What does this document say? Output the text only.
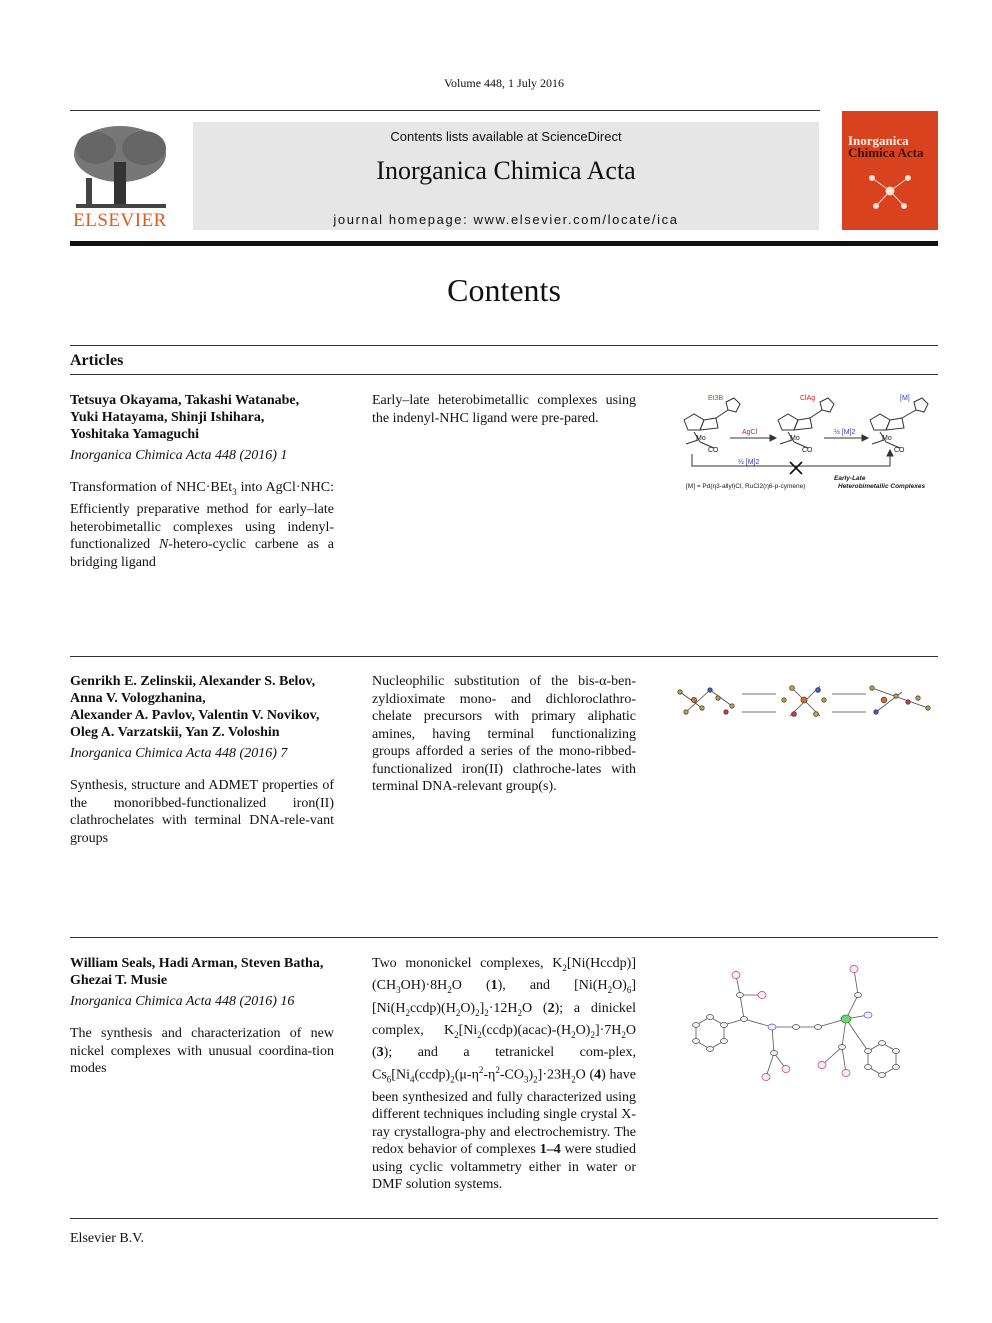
Volume 448, 1 July 2016
ELSEVIER
Contents lists available at ScienceDirect
Inorganica Chimica Acta
journal homepage: www.elsevier.com/locate/ica
Inorganica
Chimica Acta
Contents
Articles
Tetsuya Okayama, Takashi Watanabe,
Yuki Hatayama, Shinji Ishihara,
Yoshitaka Yamaguchi
Inorganica Chimica Acta 448 (2016) 1
Transformation of NHC·BEt$_3$ into AgCl·NHC: Efficiently preparative method for early–late heterobimetallic complexes using indenyl-functionalized N-hetero-cyclic carbene as a bridging ligand
Early–late heterobimetallic complexes using the indenyl-NHC ligand were pre-pared.
Et3B	ClAg	[M]
AgCl	½ [M]2
½ [M]2
Mo	Mo	Mo
CO	CO	CO
[M] = Pd(η3-allyl)Cl, RuCl2(η6-p-cymene)
Early-Late
Heterobimetallic Complexes
Genrikh E. Zelinskii, Alexander S. Belov,
Anna V. Vologzhanina,
Alexander A. Pavlov, Valentin V. Novikov,
Oleg A. Varzatskii, Yan Z. Voloshin
Inorganica Chimica Acta 448 (2016) 7
Synthesis, structure and ADMET properties of the monoribbed-functionalized iron(II) clathrochelates with terminal DNA-rele-vant groups
Nucleophilic substitution of the bis-α-ben-zyldioximate mono- and dichloroclathro-chelate precursors with primary aliphatic amines, having terminal functionalizing groups afforded a series of the mono-ribbed-functionalized iron(II) clathroche-lates with terminal DNA-relevant group(s).
William Seals, Hadi Arman, Steven Batha,
Ghezai T. Musie
Inorganica Chimica Acta 448 (2016) 16
The synthesis and characterization of new nickel complexes with unusual coordina-tion modes
Two mononickel complexes, $K_2[Ni(Hccdp)](CH_3OH)\cdot 8H_2O$ (1), and $[Ni(H_2O)_6][Ni(H_2ccdp)(H_2O)_2]_2\cdot 12H_2O$ (2); a dinickel complex, $K_2[Ni_2(ccdp)(acac)-(H_2O)_2]\cdot 7H_2O$ (3); and a tetranickel com-plex, $Cs_6[Ni_4(ccdp)_2(\mu-\eta^2-\eta^2-CO_3)_2]\cdot 23H_2O$ (4) have been synthesized and fully characterized using different techniques including single crystal X-ray crystallogra-phy and electrochemistry. The redox behavior of complexes 1–4 were studied using cyclic voltammetry either in water or DMF solution systems.
Elsevier B.V.
